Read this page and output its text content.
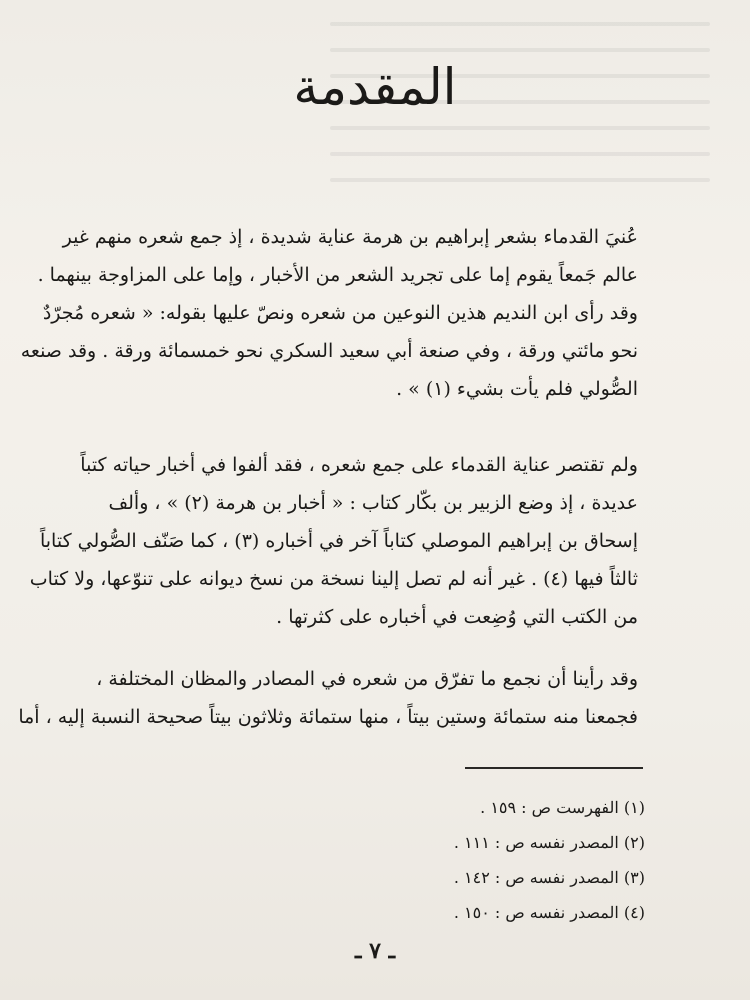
المقدمة
عُنيَ القدماء بشعر إبراهيم بن هرمة عناية شديدة ، إذ جمع شعره منهم غير
عالم جَمعاً يقوم إما على تجريد الشعر من الأخبار ، وإما على المزاوجة بينهما .
وقد رأى ابن النديم هذين النوعين من شعره ونصّ عليها بقوله: « شعره مُجرّدٌ
نحو مائتي ورقة ، وفي صنعة أبي سعيد السكري نحو خمسمائة ورقة . وقد صنعه
الصُّولي فلم يأت بشيء (١) » .
ولم تقتصر عناية القدماء على جمع شعره ، فقد ألفوا في أخبار حياته كتباً
عديدة ، إذ وضع الزبير بن بكّار كتاب : « أخبار بن هرمة (٢) » ، وألف
إسحاق بن إبراهيم الموصلي كتاباً آخر في أخباره (٣) ، كما صَنّف الصُّولي كتاباً
ثالثاً فيها (٤) . غير أنه لم تصل إلينا نسخة من نسخ ديوانه على تنوّعها، ولا كتاب
من الكتب التي وُضِعت في أخباره على كثرتها .
وقد رأينا أن نجمع ما تفرّق من شعره في المصادر والمظان المختلفة ،
فجمعنا منه ستمائة وستين بيتاً ، منها ستمائة وثلاثون بيتاً صحيحة النسبة إليه ، أما
(١) الفهرست ص : ١٥٩ .
(٢) المصدر نفسه ص : ١١١ .
(٣) المصدر نفسه ص : ١٤٢ .
(٤) المصدر نفسه ص : ١٥٠ .
ـ ٧ ـ
